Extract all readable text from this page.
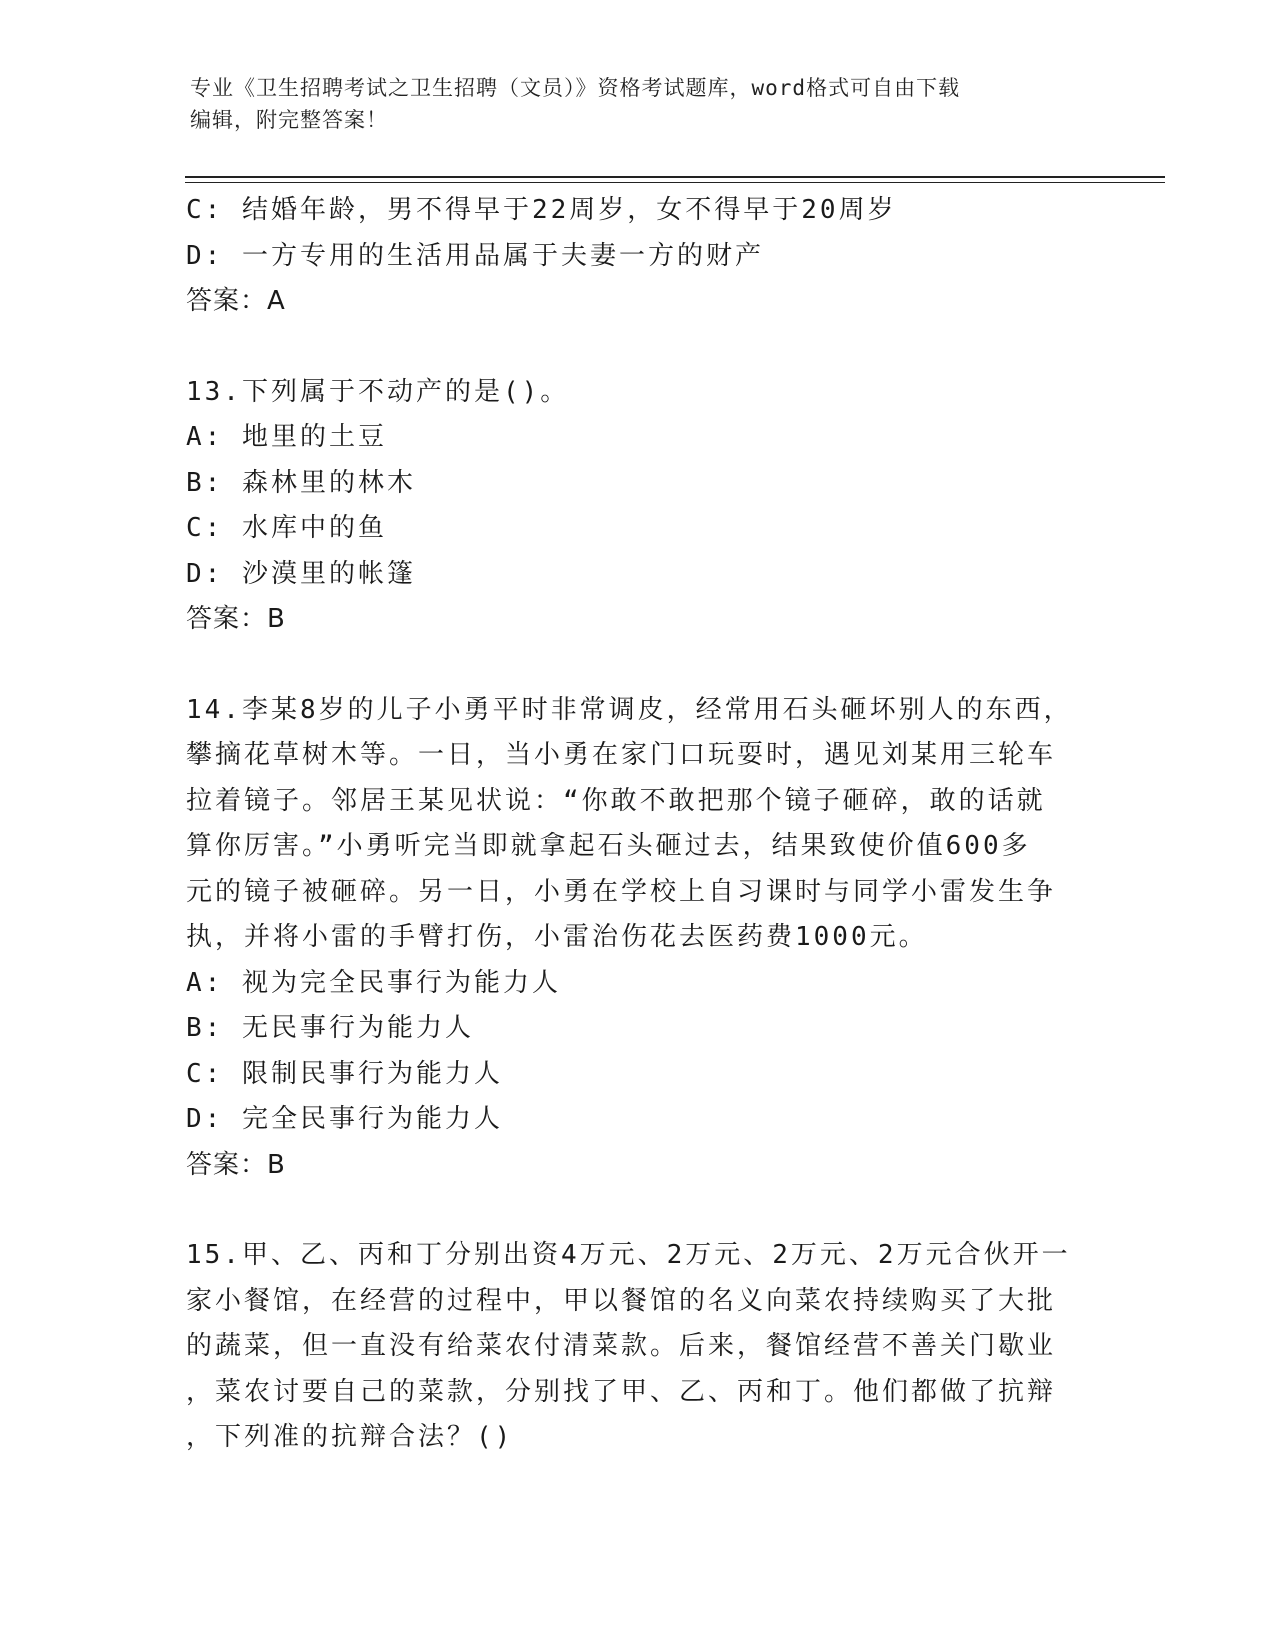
专业《卫生招聘考试之卫生招聘（文员）》资格考试题库，word格式可自由下载
编辑，附完整答案！
C: 结婚年龄，男不得早于22周岁，女不得早于20周岁
D: 一方专用的生活用品属于夫妻一方的财产
答案：A
13.下列属于不动产的是()。
A: 地里的土豆
B: 森林里的林木
C: 水库中的鱼
D: 沙漠里的帐篷
答案：B
14.李某8岁的儿子小勇平时非常调皮，经常用石头砸坏别人的东西，
攀摘花草树木等。一日，当小勇在家门口玩耍时，遇见刘某用三轮车
拉着镜子。邻居王某见状说：“你敢不敢把那个镜子砸碎，敢的话就
算你厉害。”小勇听完当即就拿起石头砸过去，结果致使价值600多
元的镜子被砸碎。另一日，小勇在学校上自习课时与同学小雷发生争
执，并将小雷的手臂打伤，小雷治伤花去医药费1000元。
A: 视为完全民事行为能力人
B: 无民事行为能力人
C: 限制民事行为能力人
D: 完全民事行为能力人
答案：B
15.甲、乙、丙和丁分别出资4万元、2万元、2万元、2万元合伙开一
家小餐馆，在经营的过程中，甲以餐馆的名义向菜农持续购买了大批
的蔬菜，但一直没有给菜农付清菜款。后来，餐馆经营不善关门歇业
，菜农讨要自己的菜款，分别找了甲、乙、丙和丁。他们都做了抗辩
，下列准的抗辩合法？()
